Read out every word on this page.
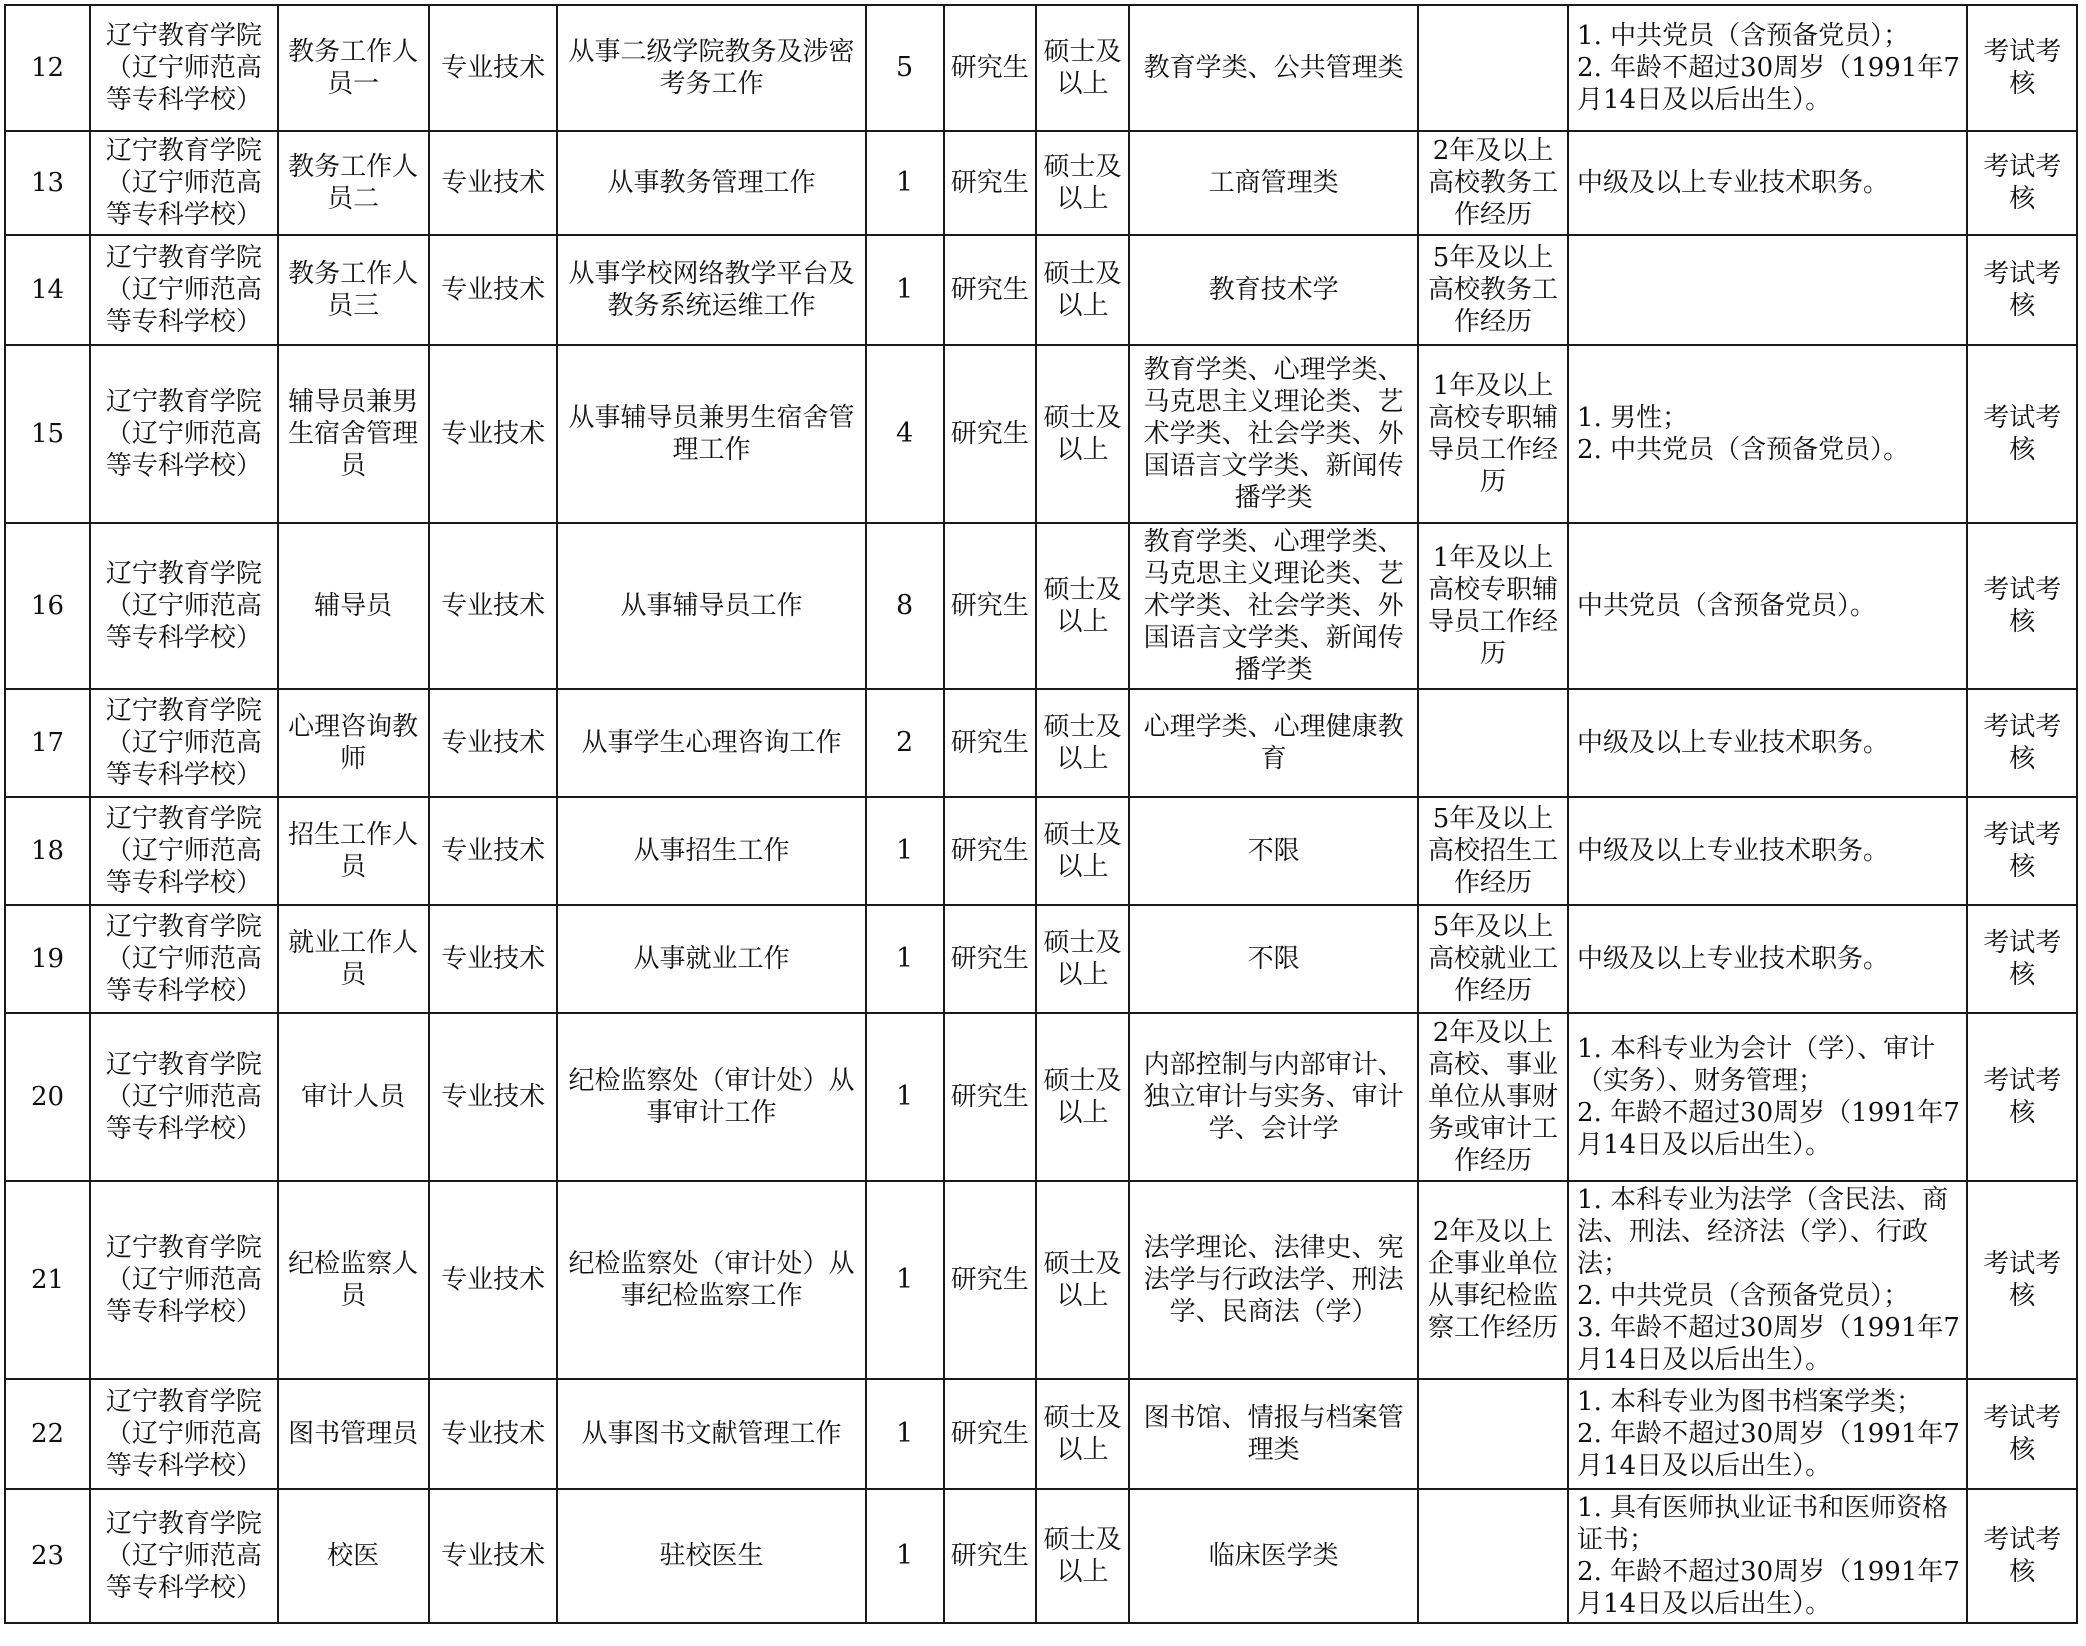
12	辽宁教育学院（辽宁师范高等专科学校）	教务工作人员一	专业技术	从事二级学院教务及涉密考务工作	5	研究生	硕士及以上	教育学类、公共管理类		1. 中共党员（含预备党员）；
2. 年龄不超过30周岁（1991年7月14日及以后出生）。	考试考核
13	辽宁教育学院（辽宁师范高等专科学校）	教务工作人员二	专业技术	从事教务管理工作	1	研究生	硕士及以上	工商管理类	2年及以上高校教务工作经历	中级及以上专业技术职务。	考试考核
14	辽宁教育学院（辽宁师范高等专科学校）	教务工作人员三	专业技术	从事学校网络教学平台及教务系统运维工作	1	研究生	硕士及以上	教育技术学	5年及以上高校教务工作经历		考试考核
15	辽宁教育学院（辽宁师范高等专科学校）	辅导员兼男生宿舍管理员	专业技术	从事辅导员兼男生宿舍管理工作	4	研究生	硕士及以上	教育学类、心理学类、马克思主义理论类、艺术学类、社会学类、外国语言文学类、新闻传播学类	1年及以上高校专职辅导员工作经历	1. 男性；
2. 中共党员（含预备党员）。	考试考核
16	辽宁教育学院（辽宁师范高等专科学校）	辅导员	专业技术	从事辅导员工作	8	研究生	硕士及以上	教育学类、心理学类、马克思主义理论类、艺术学类、社会学类、外国语言文学类、新闻传播学类	1年及以上高校专职辅导员工作经历	中共党员（含预备党员）。	考试考核
17	辽宁教育学院（辽宁师范高等专科学校）	心理咨询教师	专业技术	从事学生心理咨询工作	2	研究生	硕士及以上	心理学类、心理健康教育		中级及以上专业技术职务。	考试考核
18	辽宁教育学院（辽宁师范高等专科学校）	招生工作人员	专业技术	从事招生工作	1	研究生	硕士及以上	不限	5年及以上高校招生工作经历	中级及以上专业技术职务。	考试考核
19	辽宁教育学院（辽宁师范高等专科学校）	就业工作人员	专业技术	从事就业工作	1	研究生	硕士及以上	不限	5年及以上高校就业工作经历	中级及以上专业技术职务。	考试考核
20	辽宁教育学院（辽宁师范高等专科学校）	审计人员	专业技术	纪检监察处（审计处）从事审计工作	1	研究生	硕士及以上	内部控制与内部审计、独立审计与实务、审计学、会计学	2年及以上高校、事业单位从事财务或审计工作经历	1. 本科专业为会计（学）、审计（实务）、财务管理；
2. 年龄不超过30周岁（1991年7月14日及以后出生）。	考试考核
21	辽宁教育学院（辽宁师范高等专科学校）	纪检监察人员	专业技术	纪检监察处（审计处）从事纪检监察工作	1	研究生	硕士及以上	法学理论、法律史、宪法学与行政法学、刑法学、民商法（学）	2年及以上企事业单位从事纪检监察工作经历	1. 本科专业为法学（含民法、商法、刑法、经济法（学）、行政法；
2. 中共党员（含预备党员）；
3. 年龄不超过30周岁（1991年7月14日及以后出生）。	考试考核
22	辽宁教育学院（辽宁师范高等专科学校）	图书管理员	专业技术	从事图书文献管理工作	1	研究生	硕士及以上	图书馆、情报与档案管理类		1. 本科专业为图书档案学类；
2. 年龄不超过30周岁（1991年7月14日及以后出生）。	考试考核
23	辽宁教育学院（辽宁师范高等专科学校）	校医	专业技术	驻校医生	1	研究生	硕士及以上	临床医学类		1. 具有医师执业证书和医师资格证书；
2. 年龄不超过30周岁（1991年7月14日及以后出生）。	考试考核
